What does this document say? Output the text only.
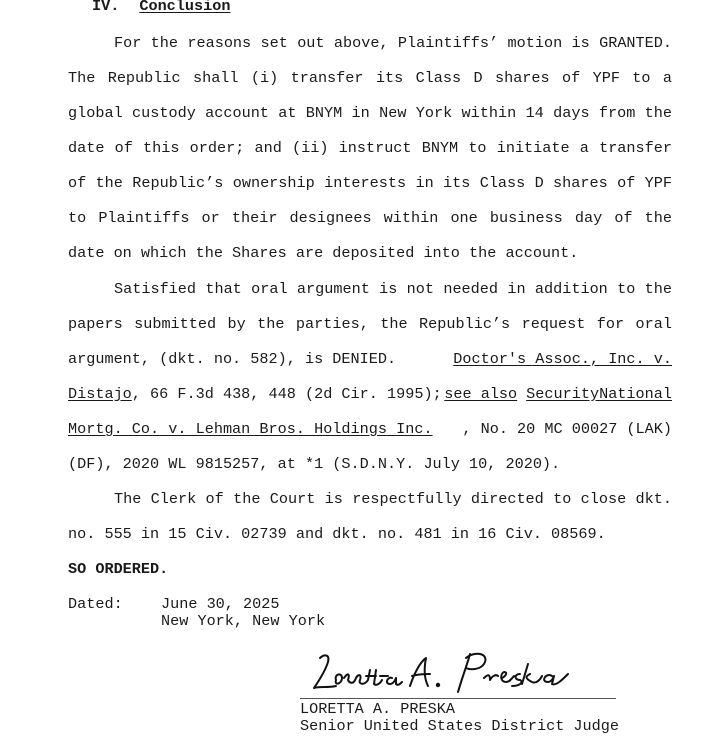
IV. Conclusion
For the reasons set out above, Plaintiffs’ motion is GRANTED.
The Republic shall (i) transfer its Class D shares of YPF to a
global custody account at BNYM in New York within 14 days from the
date of this order; and (ii) instruct BNYM to initiate a transfer
of the Republic’s ownership interests in its Class D shares of YPF
to Plaintiffs or their designees within one business day of the
date on which the Shares are deposited into the account.
Satisfied that oral argument is not needed in addition to the
papers submitted by the parties, the Republic’s request for oral
argument, (dkt. no. 582), is DENIED.	Doctor's Assoc., Inc. v.
Distajo , 66 F.3d 438, 448 (2d Cir. 1995); see also SecurityNational
Mortg. Co. v. Lehman Bros. Holdings Inc. , No. 20 MC 00027 (LAK)
(DF), 2020 WL 9815257, at *1 (S.D.N.Y. July 10, 2020).
The Clerk of the Court is respectfully directed to close dkt.
no. 555 in 15 Civ. 02739 and dkt. no. 481 in 16 Civ. 08569.
SO ORDERED.
Dated:	June 30, 2025
New York, New York
LORETTA A. PRESKA
Senior United States District Judge
